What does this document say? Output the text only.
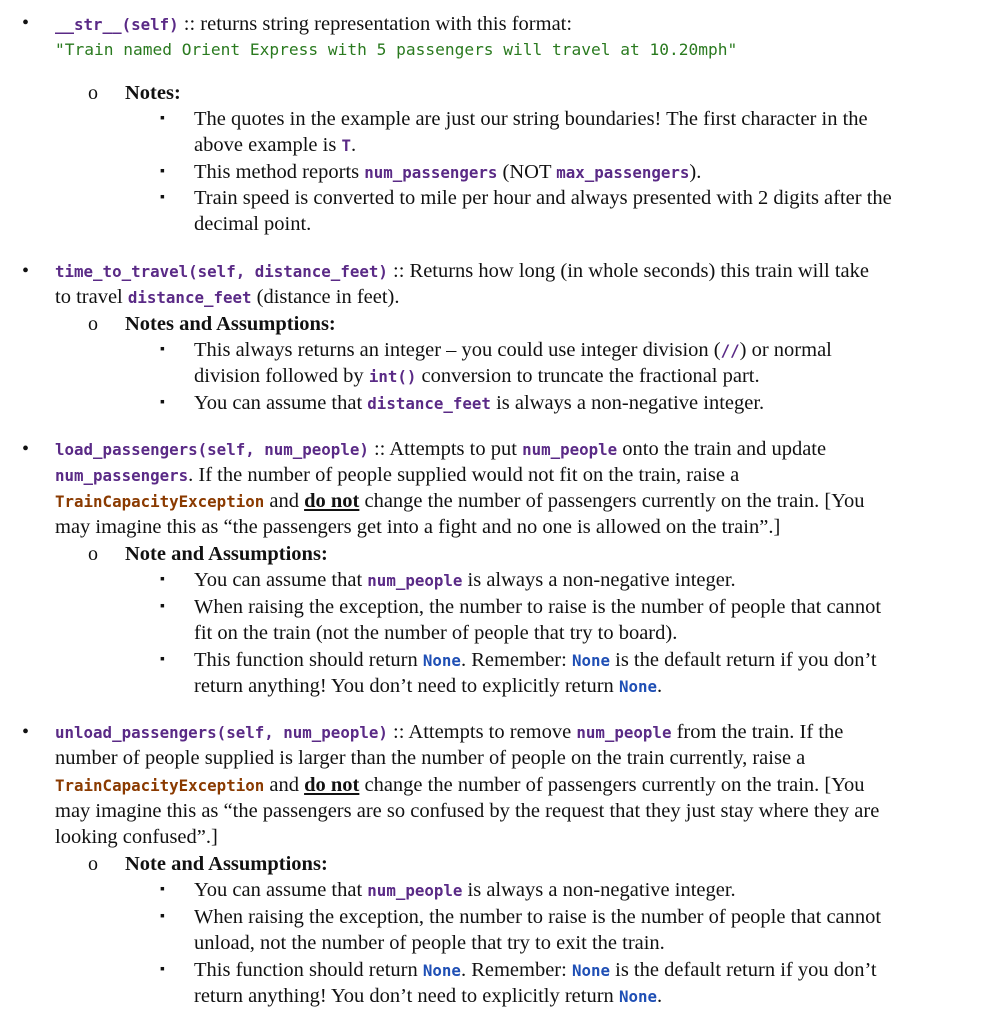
• __str__(self) :: returns string representation with this format:
"Train named Orient Express with 5 passengers will travel at 10.20mph"
o Notes:
▪ The quotes in the example are just our string boundaries! The first character in the
above example is T.
▪ This method reports num_passengers (NOT max_passengers).
▪ Train speed is converted to mile per hour and always presented with 2 digits after the
decimal point.
• time_to_travel(self, distance_feet) :: Returns how long (in whole seconds) this train will take
to travel distance_feet (distance in feet).
o Notes and Assumptions:
▪ This always returns an integer – you could use integer division (//) or normal
division followed by int() conversion to truncate the fractional part.
▪ You can assume that distance_feet is always a non-negative integer.
• load_passengers(self, num_people) :: Attempts to put num_people onto the train and update
num_passengers. If the number of people supplied would not fit on the train, raise a
TrainCapacityException and do not change the number of passengers currently on the train. [You
may imagine this as “the passengers get into a fight and no one is allowed on the train”.]
o Note and Assumptions:
▪ You can assume that num_people is always a non-negative integer.
▪ When raising the exception, the number to raise is the number of people that cannot
fit on the train (not the number of people that try to board).
▪ This function should return None. Remember: None is the default return if you don’t
return anything! You don’t need to explicitly return None.
• unload_passengers(self, num_people) :: Attempts to remove num_people from the train. If the
number of people supplied is larger than the number of people on the train currently, raise a
TrainCapacityException and do not change the number of passengers currently on the train. [You
may imagine this as “the passengers are so confused by the request that they just stay where they are
looking confused”.]
o Note and Assumptions:
▪ You can assume that num_people is always a non-negative integer.
▪ When raising the exception, the number to raise is the number of people that cannot
unload, not the number of people that try to exit the train.
▪ This function should return None. Remember: None is the default return if you don’t
return anything! You don’t need to explicitly return None.
